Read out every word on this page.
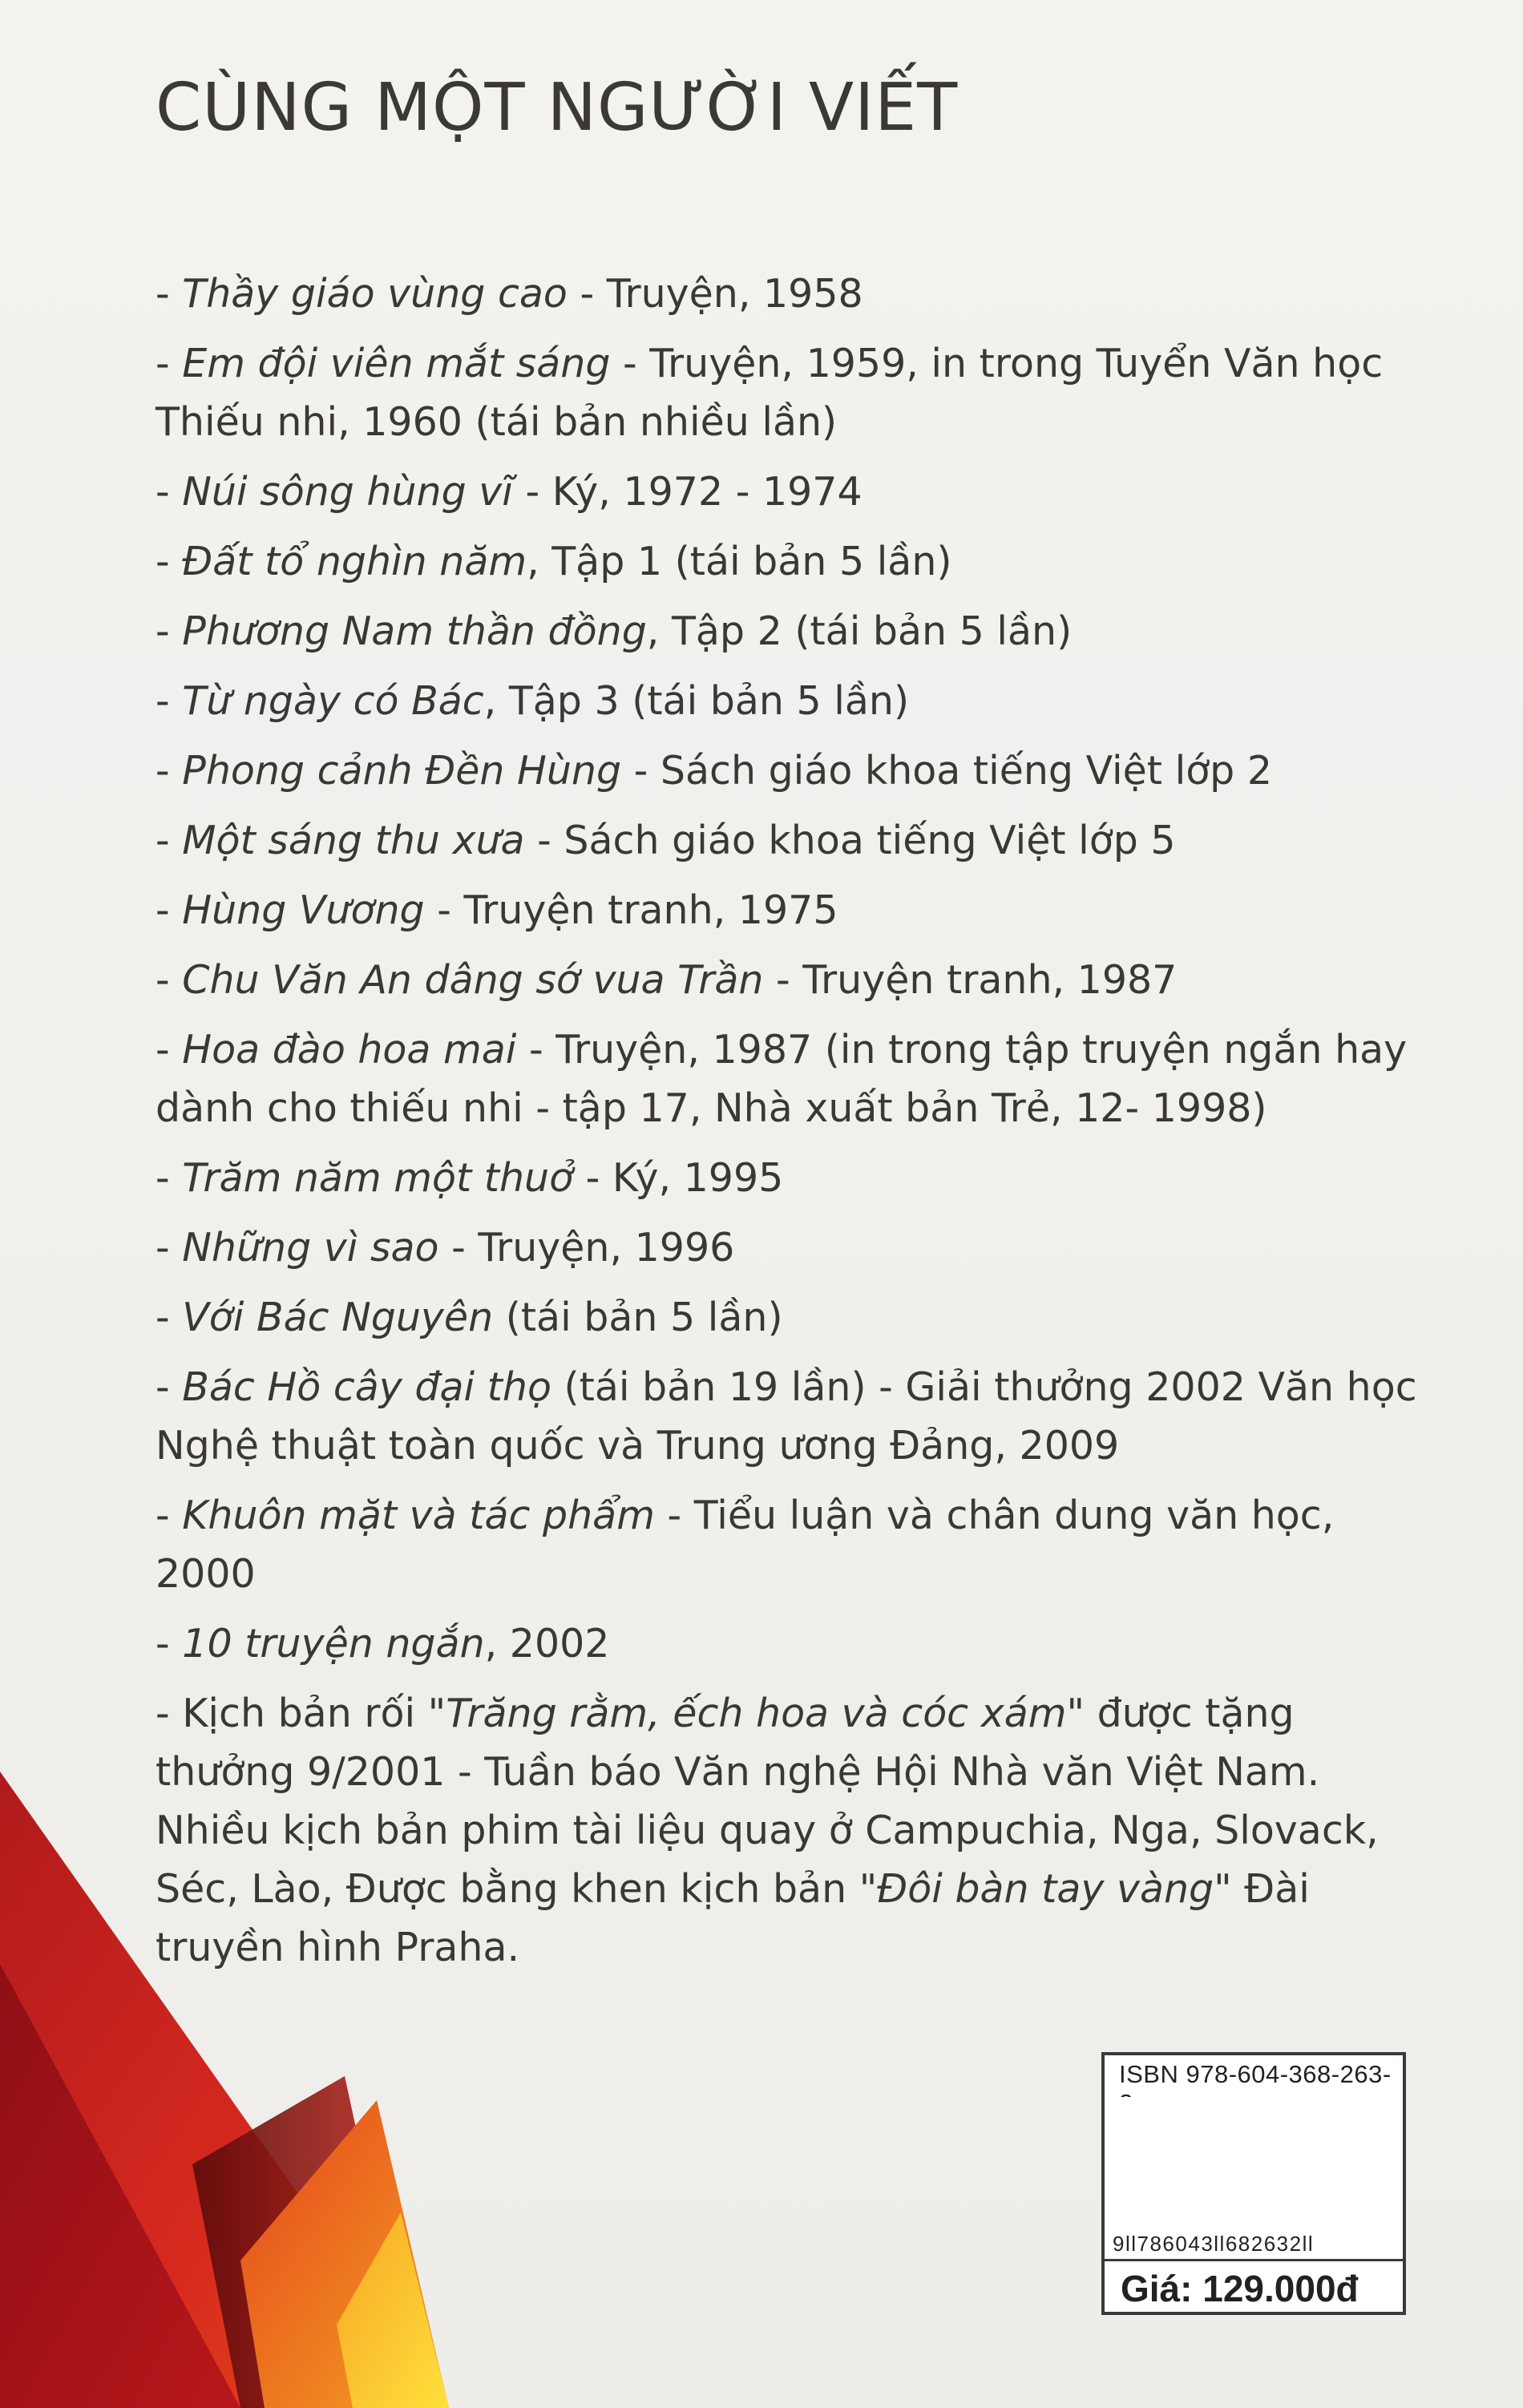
CÙNG MỘT NGƯỜI VIẾT
- Thầy giáo vùng cao - Truyện, 1958
- Em đội viên mắt sáng - Truyện, 1959, in trong Tuyển Văn học Thiếu nhi, 1960 (tái bản nhiều lần)
- Núi sông hùng vĩ - Ký, 1972 - 1974
- Đất tổ nghìn năm, Tập 1 (tái bản 5 lần)
- Phương Nam thần đồng, Tập 2 (tái bản 5 lần)
- Từ ngày có Bác, Tập 3 (tái bản 5 lần)
- Phong cảnh Đền Hùng - Sách giáo khoa tiếng Việt lớp 2
- Một sáng thu xưa - Sách giáo khoa tiếng Việt lớp 5
- Hùng Vương - Truyện tranh, 1975
- Chu Văn An dâng sớ vua Trần - Truyện tranh, 1987
- Hoa đào hoa mai - Truyện, 1987 (in trong tập truyện ngắn hay dành cho thiếu nhi - tập 17, Nhà xuất bản Trẻ, 12- 1998)
- Trăm năm một thuở - Ký, 1995
- Những vì sao - Truyện, 1996
- Với Bác Nguyên (tái bản 5 lần)
- Bác Hồ cây đại thọ (tái bản 19 lần) - Giải thưởng 2002 Văn học Nghệ thuật toàn quốc và Trung ương Đảng, 2009
- Khuôn mặt và tác phẩm - Tiểu luận và chân dung văn học, 2000
- 10 truyện ngắn, 2002
- Kịch bản rối "Trăng rằm, ếch hoa và cóc xám" được tặng thưởng 9/2001 - Tuần báo Văn nghệ Hội Nhà văn Việt Nam. Nhiều kịch bản phim tài liệu quay ở Campuchia, Nga, Slovack, Séc, Lào, Được bằng khen kịch bản "Đôi bàn tay vàng" Đài truyền hình Praha.
ISBN 978-604-368-263-
9ll786043ll682632ll
Giá: 129.000đ
